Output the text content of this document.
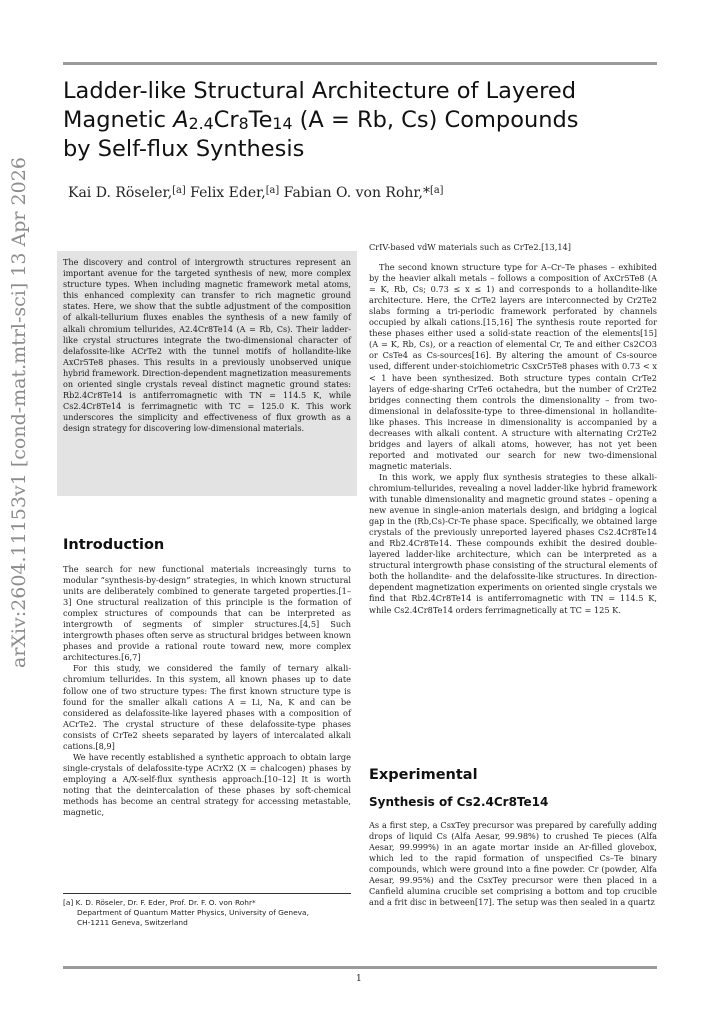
Ladder-like Structural Architecture of Layered
Magnetic $A_{2.4}Cr_8Te_{14}$ (A = Rb, Cs) Compounds
by Self-flux Synthesis
Kai D. Röseler,[a] Felix Eder,[a] Fabian O. von Rohr,*[a]
arXiv:2604.11153v1 [cond-mat.mtrl-sci] 13 Apr 2026	The discovery and control of intergrowth structures represent an important avenue for the targeted synthesis of new, more complex structure types. When including magnetic framework metal atoms, this enhanced complexity can transfer to rich magnetic ground states. Here, we show that the subtle adjustment of the composition of alkali-tellurium fluxes enables the synthesis of a new family of alkali chromium tellurides, A2.4Cr8Te14 (A = Rb, Cs). Their ladder-like crystal structures integrate the two-dimensional character of delafossite-like ACrTe2 with the tunnel motifs of hollandite-like AxCr5Te8 phases. This results in a previously unobserved unique hybrid framework. Direction-dependent magnetization measurements on oriented single crystals reveal distinct magnetic ground states: Rb2.4Cr8Te14 is antiferromagnetic with TN = 114.5 K, while Cs2.4Cr8Te14 is ferrimagnetic with TC = 125.0 K. This work underscores the simplicity and effectiveness of flux growth as a design strategy for discovering low-dimensional materials.
Introduction

The search for new functional materials increasingly turns to modular “synthesis-by-design” strategies, in which known structural units are deliberately combined to generate targeted properties.[1–3] One structural realization of this principle is the formation of complex structures of compounds that can be interpreted as intergrowth of segments of simpler structures.[4,5] Such intergrowth phases often serve as structural bridges between known phases and provide a rational route toward new, more complex architectures.[6,7]

For this study, we considered the family of ternary alkali-chromium tellurides. In this system, all known phases up to date follow one of two structure types: The first known structure type is found for the smaller alkali cations A = Li, Na, K and can be considered as delafossite-like layered phases with a composition of ACrTe2. The crystal structure of these delafossite-type phases consists of CrTe2 sheets separated by layers of intercalated alkali cations.[8,9]

We have recently established a synthetic approach to obtain large single-crystals of delafossite-type ACrX2 (X = chalcogen) phases by employing a A/X-self-flux synthesis approach.[10–12] It is worth noting that the deintercalation of these phases by soft-chemical methods has become an central strategy for accessing metastable, magnetic,

CrIV-based vdW materials such as CrTe2.[13,14]

The second known structure type for A–Cr–Te phases – exhibited by the heavier alkali metals – follows a composition of AxCr5Te8 (A = K, Rb, Cs; 0.73 ≤ x ≤ 1) and corresponds to a hollandite-like architecture. Here, the CrTe2 layers are interconnected by Cr2Te2 slabs forming a tri-periodic framework perforated by channels occupied by alkali cations.[15,16] The synthesis route reported for these phases either used a solid-state reaction of the elements[15] (A = K, Rb, Cs), or a reaction of elemental Cr, Te and either Cs2CO3 or CsTe4 as Cs-sources[16]. By altering the amount of Cs-source used, different under-stoichiometric CsxCr5Te8 phases with 0.73 < x < 1 have been synthesized. Both structure types contain CrTe2 layers of edge-sharing CrTe6 octahedra, but the number of Cr2Te2 bridges connecting them controls the dimensionality – from two-dimensional in delafossite-type to three-dimensional in hollandite-like phases. This increase in dimensionality is accompanied by a decreases with alkali content. A structure with alternating Cr2Te2 bridges and layers of alkali atoms, however, has not yet been reported and motivated our search for new two-dimensional magnetic materials.

In this work, we apply flux synthesis strategies to these alkali-chromium-tellurides, revealing a novel ladder-like hybrid framework with tunable dimensionality and magnetic ground states – opening a new avenue in single-anion materials design, and bridging a logical gap in the (Rb,Cs)-Cr-Te phase space. Specifically, we obtained large crystals of the previously unreported layered phases Cs2.4Cr8Te14 and Rb2.4Cr8Te14. These compounds exhibit the desired double-layered ladder-like architecture, which can be interpreted as a structural intergrowth phase consisting of the structural elements of both the hollandite- and the delafossite-like structures. In direction-dependent magnetization experiments on oriented single crystals we find that Rb2.4Cr8Te14 is antiferromagnetic with TN = 114.5 K, while Cs2.4Cr8Te14 orders ferrimagnetically at TC = 125 K.

Experimental
Synthesis of Cs2.4Cr8Te14

As a first step, a CsxTey precursor was prepared by carefully adding drops of liquid Cs (Alfa Aesar, 99.98%) to crushed Te pieces (Alfa Aesar, 99.999%) in an agate mortar inside an Ar-filled glovebox, which led to the rapid formation of unspecified Cs–Te binary compounds, which were ground into a fine powder. Cr (powder, Alfa Aesar, 99.95%) and the CsxTey precursor were then placed in a Canfield alumina crucible set comprising a bottom and top crucible and a frit disc in between[17]. The setup was then sealed in a quartz

[a] K. D. Röseler, Dr. F. Eder, Prof. Dr. F. O. von Rohr*
Department of Quantum Matter Physics, University of Geneva,
CH-1211 Geneva, Switzerland
1
